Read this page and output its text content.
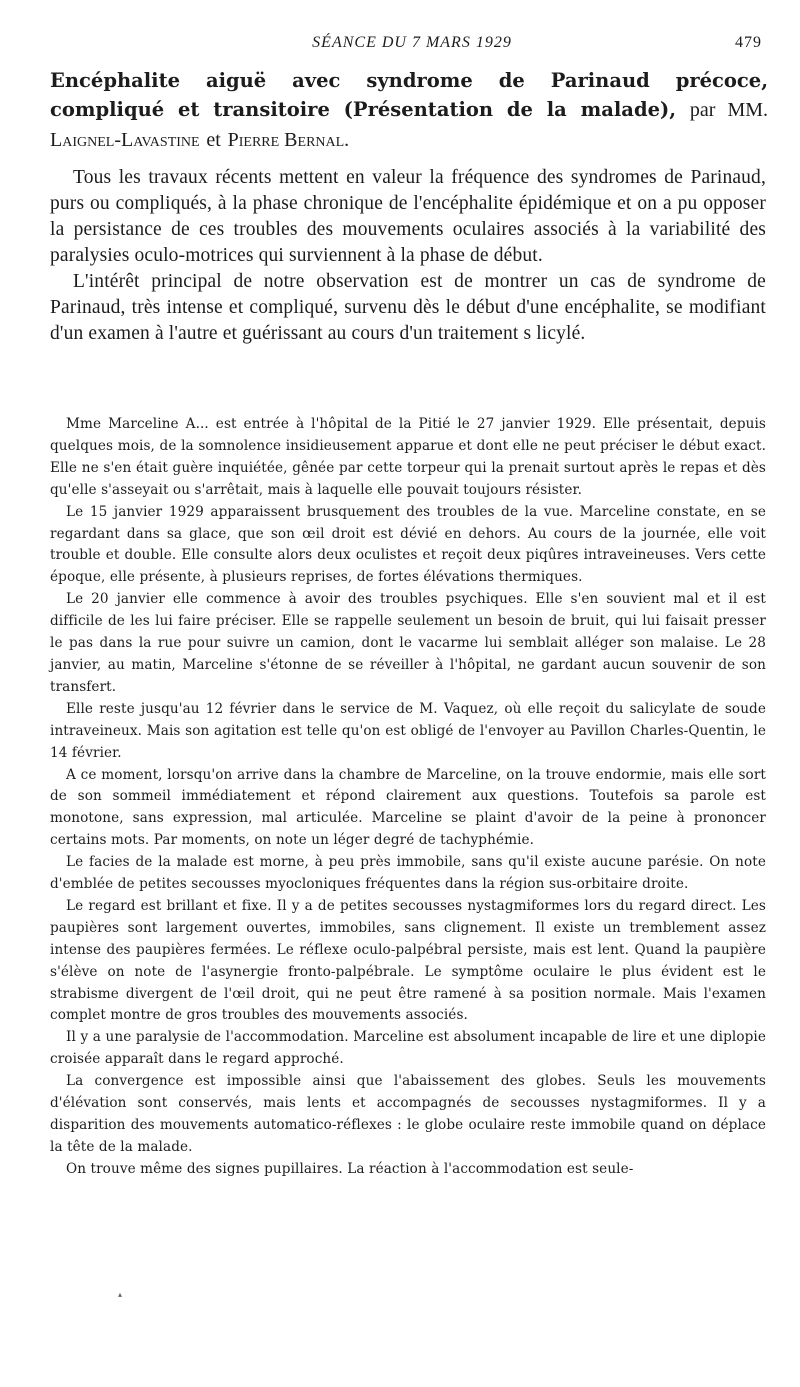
SÉANCE DU 7 MARS 1929	479
Encéphalite aiguë avec syndrome de Parinaud précoce, compliqué et transitoire (Présentation de la malade), par MM. Laignel-Lavastine et Pierre Bernal.

Tous les travaux récents mettent en valeur la fréquence des syndromes de Parinaud, purs ou compliqués, à la phase chronique de l'encéphalite épidémique et on a pu opposer la persistance de ces troubles des mouvements oculaires associés à la variabilité des paralysies oculo-motrices qui surviennent à la phase de début.

L'intérêt principal de notre observation est de montrer un cas de syndrome de Parinaud, très intense et compliqué, survenu dès le début d'une encéphalite, se modifiant d'un examen à l'autre et guérissant au cours d'un traitement s licylé.

Mme Marceline A... est entrée à l'hôpital de la Pitié le 27 janvier 1929. Elle présentait, depuis quelques mois, de la somnolence insidieusement apparue et dont elle ne peut préciser le début exact. Elle ne s'en était guère inquiétée, gênée par cette torpeur qui la prenait surtout après le repas et dès qu'elle s'asseyait ou s'arrêtait, mais à laquelle elle pouvait toujours résister.

Le 15 janvier 1929 apparaissent brusquement des troubles de la vue. Marceline constate, en se regardant dans sa glace, que son œil droit est dévié en dehors. Au cours de la journée, elle voit trouble et double. Elle consulte alors deux oculistes et reçoit deux piqûres intraveineuses. Vers cette époque, elle présente, à plusieurs reprises, de fortes élévations thermiques.

Le 20 janvier elle commence à avoir des troubles psychiques. Elle s'en souvient mal et il est difficile de les lui faire préciser. Elle se rappelle seulement un besoin de bruit, qui lui faisait presser le pas dans la rue pour suivre un camion, dont le vacarme lui semblait alléger son malaise. Le 28 janvier, au matin, Marceline s'étonne de se réveiller à l'hôpital, ne gardant aucun souvenir de son transfert.

Elle reste jusqu'au 12 février dans le service de M. Vaquez, où elle reçoit du salicylate de soude intraveineux. Mais son agitation est telle qu'on est obligé de l'envoyer au Pavillon Charles-Quentin, le 14 février.

A ce moment, lorsqu'on arrive dans la chambre de Marceline, on la trouve endormie, mais elle sort de son sommeil immédiatement et répond clairement aux questions. Toutefois sa parole est monotone, sans expression, mal articulée. Marceline se plaint d'avoir de la peine à prononcer certains mots. Par moments, on note un léger degré de tachyphémie.

Le facies de la malade est morne, à peu près immobile, sans qu'il existe aucune parésie. On note d'emblée de petites secousses myocloniques fréquentes dans la région sus-orbitaire droite.

Le regard est brillant et fixe. Il y a de petites secousses nystagmiformes lors du regard direct. Les paupières sont largement ouvertes, immobiles, sans clignement. Il existe un tremblement assez intense des paupières fermées. Le réflexe oculo-palpébral persiste, mais est lent. Quand la paupière s'élève on note de l'asynergie fronto-palpébrale. Le symptôme oculaire le plus évident est le strabisme divergent de l'œil droit, qui ne peut être ramené à sa position normale. Mais l'examen complet montre de gros troubles des mouvements associés.

Il y a une paralysie de l'accommodation. Marceline est absolument incapable de lire et une diplopie croisée apparaît dans le regard approché.

La convergence est impossible ainsi que l'abaissement des globes. Seuls les mouvements d'élévation sont conservés, mais lents et accompagnés de secousses nystagmiformes. Il y a disparition des mouvements automatico-réflexes : le globe oculaire reste immobile quand on déplace la tête de la malade.

On trouve même des signes pupillaires. La réaction à l'accommodation est seule-

▴
